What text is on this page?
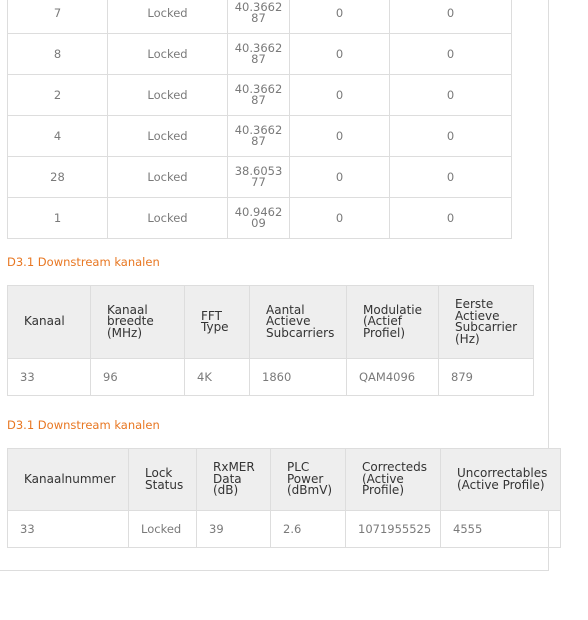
7	Locked	40.366287	0	0
8	Locked	40.366287	0	0
2	Locked	40.366287	0	0
4	Locked	40.366287	0	0
28	Locked	38.605377	0	0
1	Locked	40.946209	0	0
D3.1 Downstream kanalen
Kanaal	Kanaal breedte (MHz)	FFT Type	Aantal Actieve Subcarriers	Modulatie (Actief Profiel)	Eerste Actieve Subcarrier (Hz)
33	96	4K	1860	QAM4096	879
D3.1 Downstream kanalen
Kanaalnummer	Lock Status	RxMER Data (dB)	PLC Power (dBmV)	Correcteds (Active Profile)	Uncorrectables (Active Profile)
33	Locked	39	2.6	1071955525	4555
